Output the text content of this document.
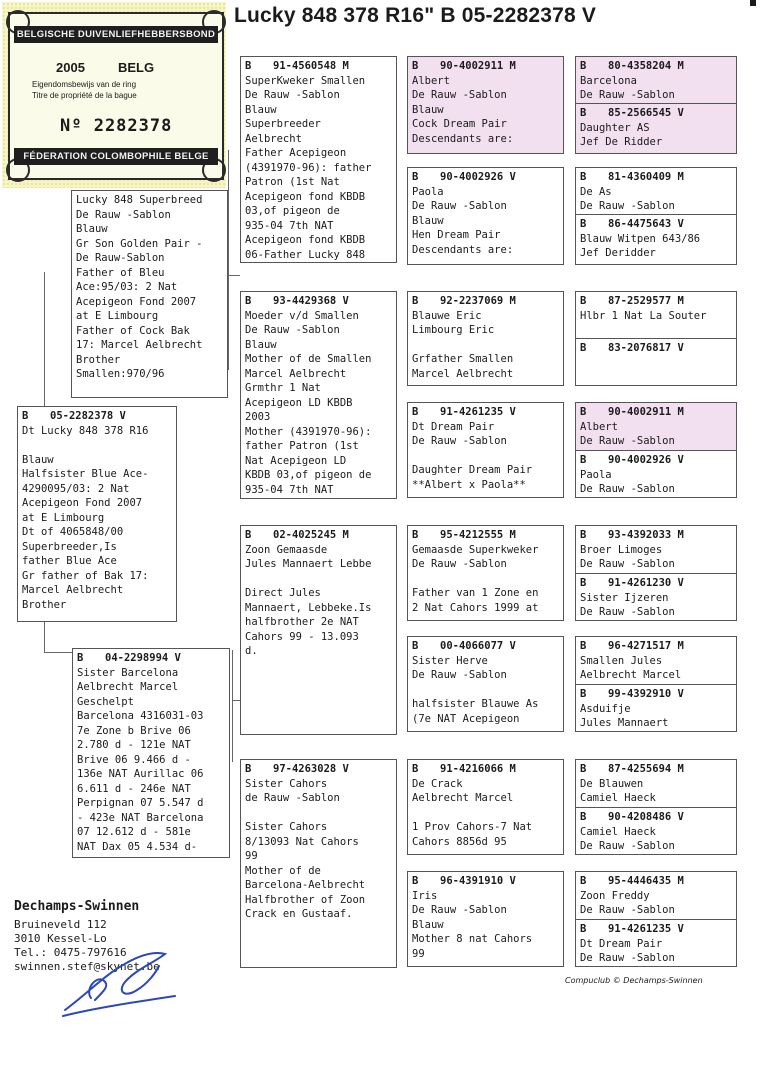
Lucky 848 378 R16" B 05-2282378 V
BELGISCHE DUIVENLIEFHEBBERSBOND
2005	BELG
Eigendomsbewijs van de ring
Titre de propriété de la bague
Nº 2282378
FÉDERATION COLOMBOPHILE BELGE
Lucky 848 Superbreed
De Rauw -Sablon
Blauw
Gr Son Golden Pair -
De Rauw-Sablon
Father of Bleu
Ace:95/03: 2 Nat
Acepigeon Fond 2007
at E Limbourg
Father of Cock Bak
17: Marcel Aelbrecht
Brother
Smallen:970/96
B 05-2282378 V
Dt Lucky 848 378 R16

Blauw
Halfsister Blue Ace-
4290095/03: 2 Nat
Acepigeon Fond 2007
at E Limbourg
Dt of 4065848/00
Superbreeder,Is
father Blue Ace
Gr father of Bak 17:
Marcel Aelbrecht
Brother
B 04-2298994 V
Sister Barcelona
Aelbrecht Marcel
Geschelpt
Barcelona 4316031-03
7e Zone b Brive 06
2.780 d - 121e NAT
Brive 06 9.466 d -
136e NAT Aurillac 06
6.611 d - 246e NAT
Perpignan 07 5.547 d
- 423e NAT Barcelona
07 12.612 d - 581e
NAT Dax 05 4.534 d-
B 91-4560548 M
SuperKweker Smallen
De Rauw -Sablon
Blauw
Superbreeder
Aelbrecht
Father Acepigeon
(4391970-96): father
Patron (1st Nat
Acepigeon fond KBDB
03,of pigeon de
935-04 7th NAT
Acepigeon fond KBDB
06-Father Lucky 848
B 93-4429368 V
Moeder v/d Smallen
De Rauw -Sablon
Blauw
Mother of de Smallen
Marcel Aelbrecht
Grmthr 1 Nat
Acepigeon LD KBDB
2003
Mother (4391970-96):
father Patron (1st
Nat Acepigeon LD
KBDB 03,of pigeon de
935-04 7th NAT
B 02-4025245 M
Zoon Gemaasde
Jules Mannaert Lebbe

Direct Jules
Mannaert, Lebbeke.Is
halfbrother 2e NAT
Cahors 99 - 13.093
d.
B 97-4263028 V
Sister Cahors
de Rauw -Sablon

Sister Cahors
8/13093 Nat Cahors
99
Mother of de
Barcelona-Aelbrecht
Halfbrother of Zoon
Crack en Gustaaf.
B 90-4002911 M
Albert
De Rauw -Sablon
Blauw
Cock Dream Pair
Descendants are:
B 90-4002926 V
Paola
De Rauw -Sablon
Blauw
Hen Dream Pair
Descendants are:
B 92-2237069 M
Blauwe Eric
Limbourg Eric

Grfather Smallen
Marcel Aelbrecht
B 91-4261235 V
Dt Dream Pair
De Rauw -Sablon

Daughter Dream Pair
**Albert x Paola**
B 95-4212555 M
Gemaasde Superkweker
De Rauw -Sablon

Father van 1 Zone en
2 Nat Cahors 1999 at
B 00-4066077 V
Sister Herve
De Rauw -Sablon

halfsister Blauwe As
(7e NAT Acepigeon
B 91-4216066 M
De Crack
Aelbrecht Marcel

1 Prov Cahors-7 Nat
Cahors 8856d 95
B 96-4391910 V
Iris
De Rauw -Sablon
Blauw
Mother 8 nat Cahors
99
B 80-4358204 M
Barcelona
De Rauw -Sablon
B 85-2566545 V
Daughter AS
Jef De Ridder
B 81-4360409 M
De As
De Rauw -Sablon
B 86-4475643 V
Blauw Witpen 643/86
Jef Deridder
B 87-2529577 M
Hlbr 1 Nat La Souter
B 83-2076817 V
B 90-4002911 M
Albert
De Rauw -Sablon
B 90-4002926 V
Paola
De Rauw -Sablon
B 93-4392033 M
Broer Limoges
De Rauw -Sablon
B 91-4261230 V
Sister Ijzeren
De Rauw -Sablon
B 96-4271517 M
Smallen Jules
Aelbrecht Marcel
B 99-4392910 V
Asduifje
Jules Mannaert
B 87-4255694 M
De Blauwen
Camiel Haeck
B 90-4208486 V
Camiel Haeck
De Rauw -Sablon
B 95-4446435 M
Zoon Freddy
De Rauw -Sablon
B 91-4261235 V
Dt Dream Pair
De Rauw -Sablon
Dechamps-Swinnen
Bruineveld 112
3010 Kessel-Lo
Tel.: 0475-797616
swinnen.stef@skynet.be
Compuclub © Dechamps-Swinnen
